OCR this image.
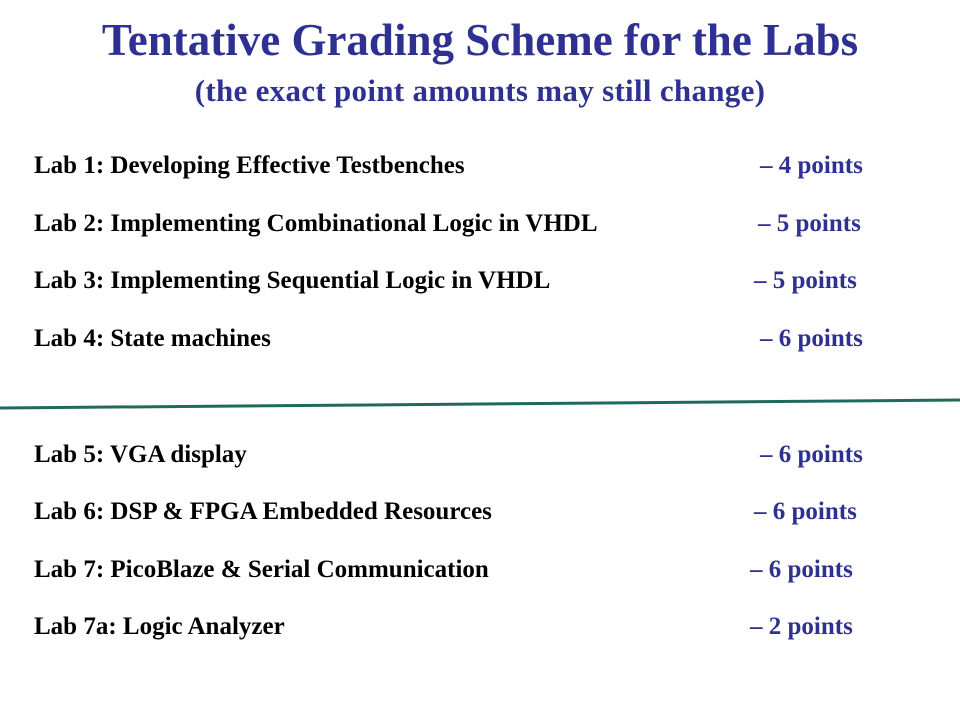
Tentative Grading Scheme for the Labs
(the exact point amounts may still change)
Lab 1: Developing Effective Testbenches	– 4 points
Lab 2: Implementing Combinational Logic in VHDL	– 5 points
Lab 3: Implementing Sequential Logic in VHDL	– 5 points
Lab 4: State machines	– 6 points
Lab 5: VGA display	– 6 points
Lab 6: DSP & FPGA Embedded Resources	– 6 points
Lab 7: PicoBlaze & Serial Communication	– 6 points
Lab 7a: Logic Analyzer	– 2 points
